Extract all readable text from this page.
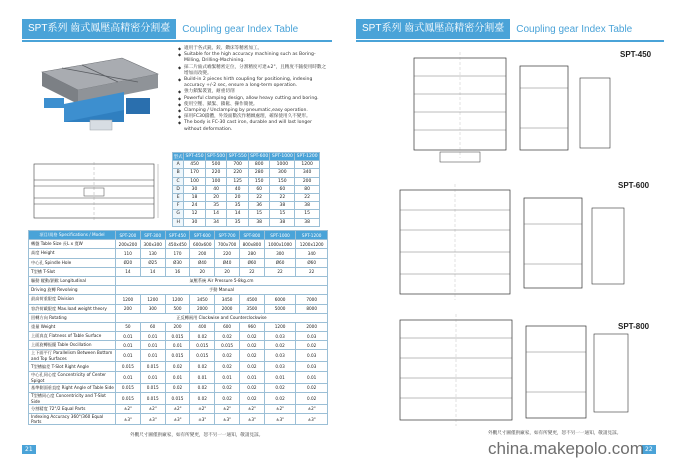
SPT系列 齒式鳳壓高精密分割臺	Coupling gear Index Table
◆ 適用于各式銑、鉸、鑽床等精密加工。
◆ Suitable for the high accuracy machining such as Boring-Milling, Drilling-Machining.
◆ 採二片齒式嚙緊精密定位，分割精度可達±2"，且精度不隨使用時數之增加而改變。
◆ Build-in 2 pieces hirth coupling for positioning, indexing accuracy +/-2 sec, ensure a long-term operation.
◆ 強力鎖緊裝置，耐重切削
◆ Powerful clamping design, allow heavy cutting and boring.
◆ 使用空壓、鎖緊、鎖鬆、操作簡便。
◆ Clamping / Unclamping by pneumatic,easy operation.
◆ 採用FC30鑄體，外殼面數次作精緻處理，確保使用久不變形。
◆ The body is FC-30 cast iron, durable and will last longer without deformation.
型式	SPT-450	SPT-500	SPT-550	SPT-600	SPT-1000	SPT-1200
A	450	500	700	800	1000	1200
B	170	220	220	280	300	340
C	100	100	125	150	150	200
D	30	40	40	60	60	80
E	18	20	20	22	22	22
F	24	35	35	36	38	38
G	12	14	14	15	15	15
H	30	34	35	38	38	38
項目/規格 Specifications / Model	SPT-200	SPT-300	SPT-450	SPT-600	SPT-700	SPT-800	SPT-1000	SPT-1200
轉盤 Table Size 長L x 寬W	200x200	300x300	450x450	600x600	700x700	800x800	1000x1000	1200x1200
高度 Height	110	130	170	200	220	280	300	340
中心孔 Spindle Hole	Ø20	Ø25	Ø30	Ø40	Ø40	Ø60	Ø60	Ø60
T型槽 T-Slot	14	14	16	20	20	22	22	22
驅動 縱動/鎖鬆 Longitudinal	氣壓系統 Air Pressure 5-8kg.cm							
Driving 旋轉 Revolving	手動 Manual							
最高荷重限度 Division	1200	1200	1200	3450	3450	4500	6000	7000
容許荷載限度 Max.load weight theory	200	300	500	2000	2000	3500	5000	8000
回轉方向 Rotating	正反轉兩用 Clockwise and Counterclockwise							
重量 Weight	50	60	200	400	600	960	1200	2000
上面真直 Flatness of Table Surface	0.01	0.01	0.015	0.02	0.02	0.02	0.03	0.03
上面旋轉振擺 Table Oscillation	0.01	0.01	0.01	0.015	0.015	0.02	0.02	0.02
上下面平行 Parallelism Between Bottom and Top Surfaces	0.01	0.01	0.015	0.015	0.02	0.02	0.03	0.03
T型槽偏差 T-Slot Right Angle	0.015	0.015	0.02	0.02	0.02	0.02	0.03	0.03
中心孔同心度 Concentricity of Center Spigot	0.01	0.01	0.01	0.01	0.01	0.01	0.01	0.01
基準側面垂直度 Right Angle of Table Side	0.015	0.015	0.02	0.02	0.02	0.02	0.02	0.02
T型槽同心度 Concentricity and T-Slot Side	0.015	0.015	0.015	0.02	0.02	0.02	0.02	0.02
分割精度 72°/2 Equal Parts	±2"	±2"	±2"	±2"	±2"	±2"	±2"	±2"
Indexing Accuracy 360°/360 Equal Parts	±3"	±3"	±3"	±3"	±3"	±3"	±3"	±3"
外觀尺寸圖僅供廠家，如有所變更，恕不另一一通知，敬請見諒。
21
SPT系列 齒式鳳壓高精密分割臺	Coupling gear Index Table
SPT-450
SPT-600
SPT-800
外觀尺寸圖僅供廠家，如有所變更，恕不另一一通知，敬請見諒。
22
china.makepolo.com
